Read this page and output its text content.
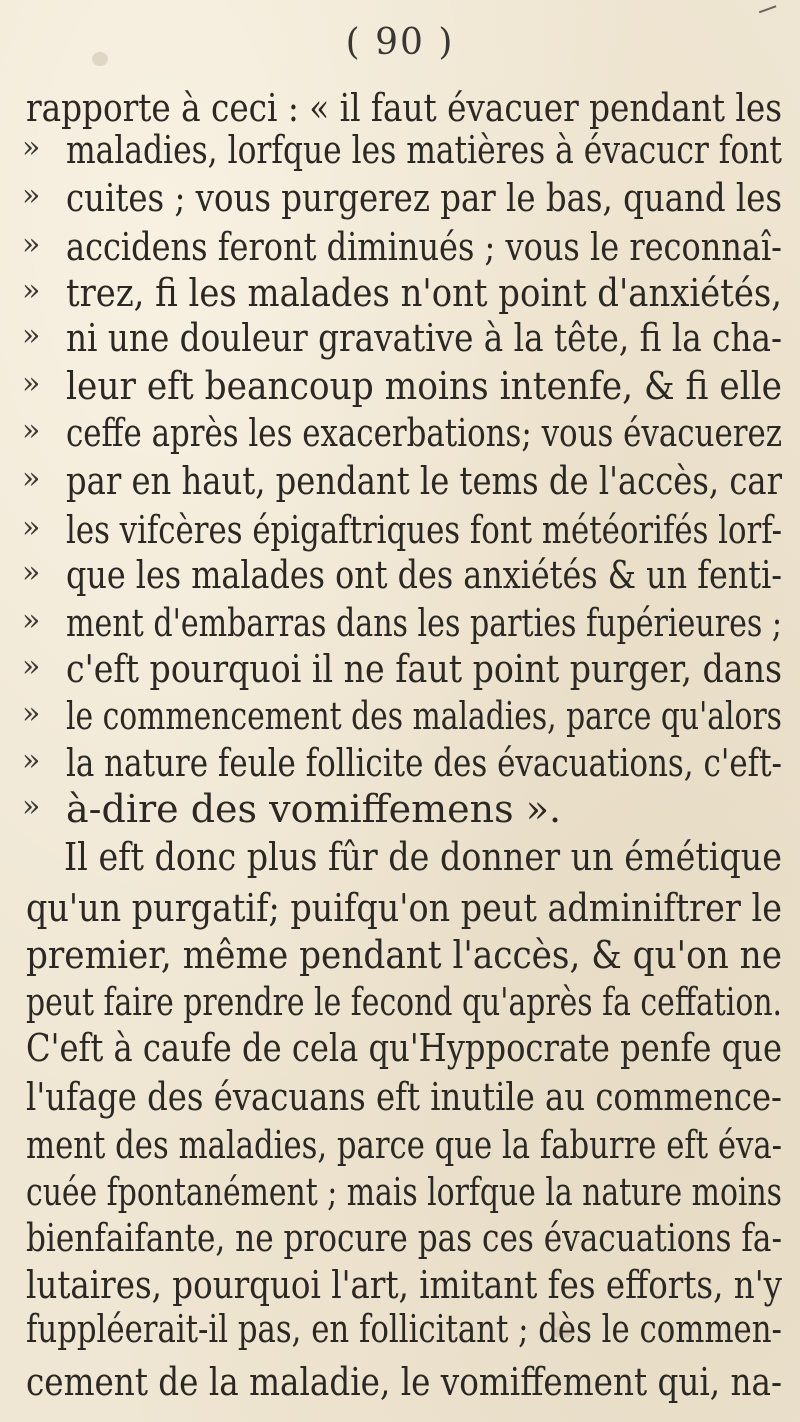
( 90 )
rapporte à ceci : « il faut évacuer pendant les
» maladies, lorfque les matières à évacucr font
» cuites ; vous purgerez par le bas, quand les
» accidens feront diminués ; vous le reconnaî-
» trez, fi les malades n'ont point d'anxiétés,
» ni une douleur gravative à la tête, fi la cha-
» leur eft beancoup moins intenfe, & fi elle
» ceffe après les exacerbations; vous évacuerez
» par en haut, pendant le tems de l'accès, car
» les vifcères épigaftriques font météorifés lorf-
» que les malades ont des anxiétés & un fenti-
» ment d'embarras dans les parties fupérieures ;
» c'eft pourquoi il ne faut point purger, dans
» le commencement des maladies, parce qu'alors
» la nature feule follicite des évacuations, c'eft-
» à-dire des vomiffemens ».
Il eft donc plus fûr de donner un émétique
qu'un purgatif; puifqu'on peut adminiftrer le
premier, même pendant l'accès, & qu'on ne
peut faire prendre le fecond qu'après fa ceffation.
C'eft à caufe de cela qu'Hyppocrate penfe que
l'ufage des évacuans eft inutile au commence-
ment des maladies, parce que la faburre eft éva-
cuée fpontanément ; mais lorfque la nature moins
bienfaifante, ne procure pas ces évacuations fa-
lutaires, pourquoi l'art, imitant fes efforts, n'y
fuppléerait-il pas, en follicitant ; dès le commen-
cement de la maladie, le vomiffement qui, na-
